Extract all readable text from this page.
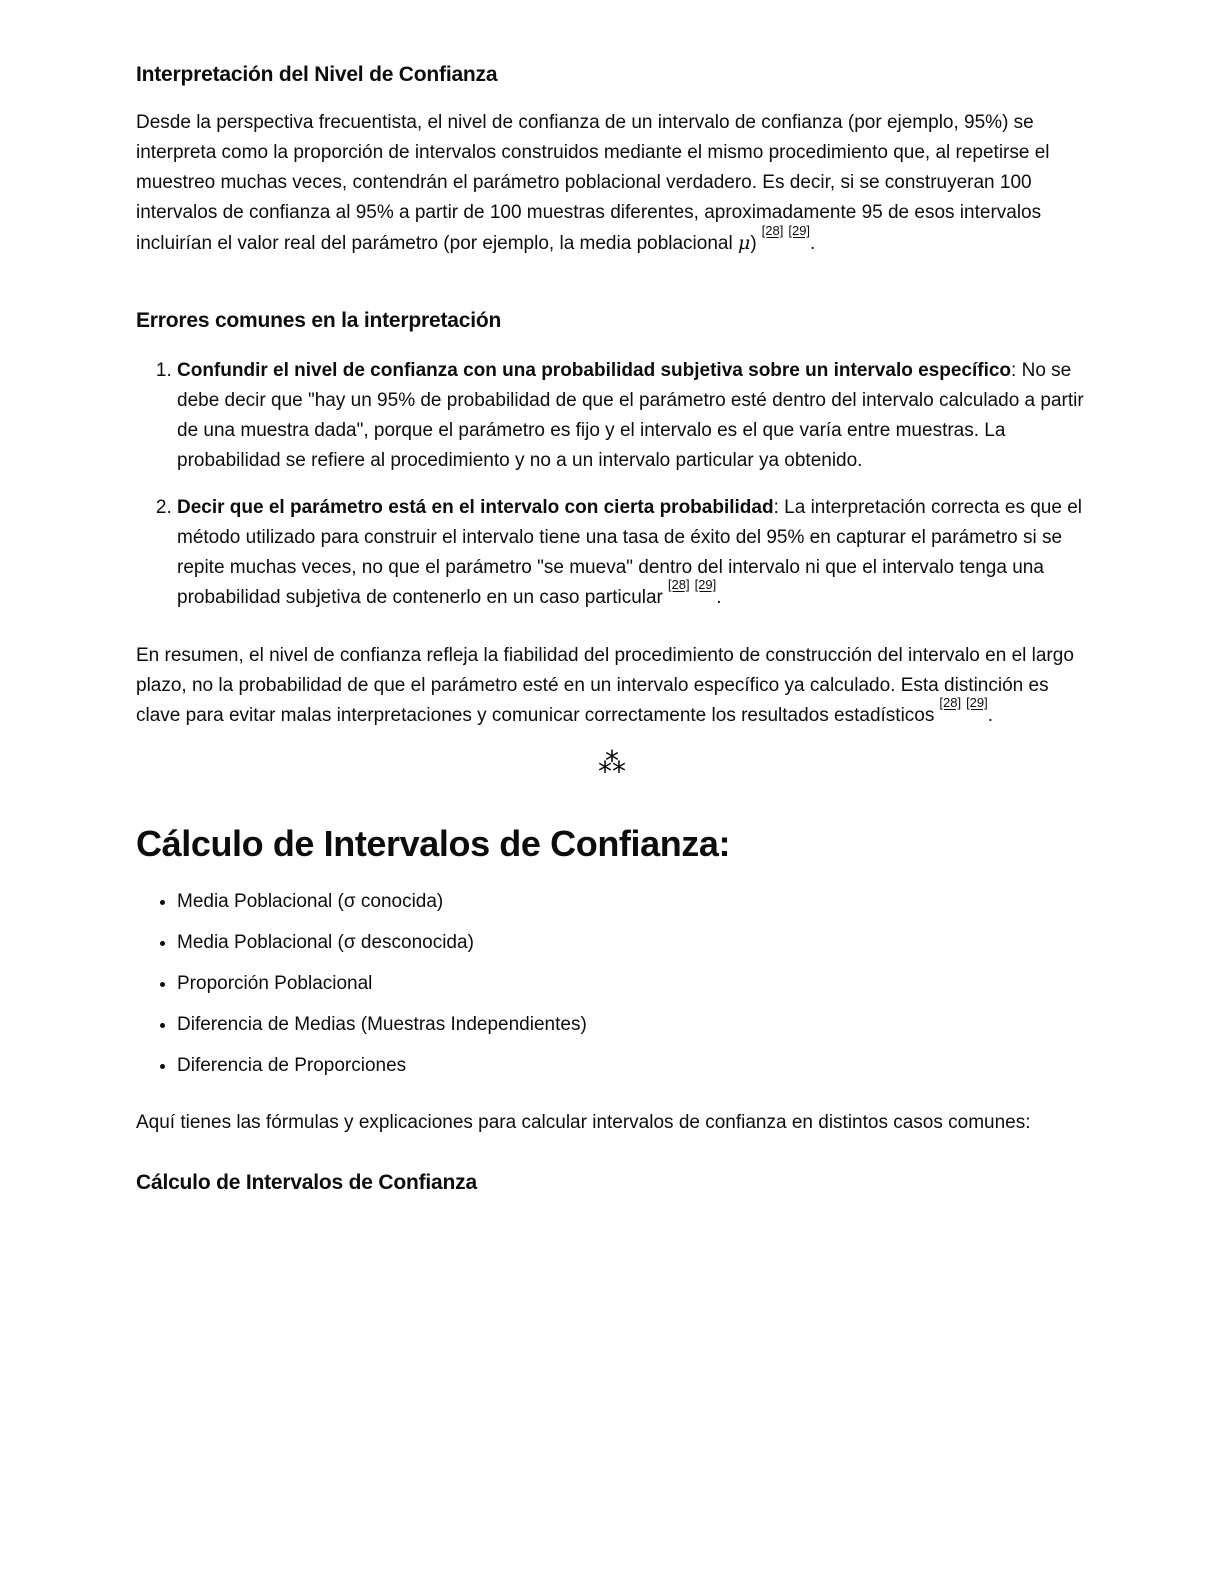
Interpretación del Nivel de Confianza

Desde la perspectiva frecuentista, el nivel de confianza de un intervalo de confianza (por ejemplo, 95%) se interpreta como la proporción de intervalos construidos mediante el mismo procedimiento que, al repetirse el muestreo muchas veces, contendrán el parámetro poblacional verdadero. Es decir, si se construyeran 100 intervalos de confianza al 95% a partir de 100 muestras diferentes, aproximadamente 95 de esos intervalos incluirían el valor real del parámetro (por ejemplo, la media poblacional μ)[28] [29].

Errores comunes en la interpretación
1. Confundir el nivel de confianza con una probabilidad subjetiva sobre un intervalo específico: No se debe decir que "hay un 95% de probabilidad de que el parámetro esté dentro del intervalo calculado a partir de una muestra dada", porque el parámetro es fijo y el intervalo es el que varía entre muestras. La probabilidad se refiere al procedimiento y no a un intervalo particular ya obtenido.
2. Decir que el parámetro está en el intervalo con cierta probabilidad: La interpretación correcta es que el método utilizado para construir el intervalo tiene una tasa de éxito del 95% en capturar el parámetro si se repite muchas veces, no que el parámetro "se mueva" dentro del intervalo ni que el intervalo tenga una probabilidad subjetiva de contenerlo en un caso particular[28] [29].

En resumen, el nivel de confianza refleja la fiabilidad del procedimiento de construcción del intervalo en el largo plazo, no la probabilidad de que el parámetro esté en un intervalo específico ya calculado. Esta distinción es clave para evitar malas interpretaciones y comunicar correctamente los resultados estadísticos[28] [29].

⁂
Cálculo de Intervalos de Confianza:
• Media Poblacional (σ conocida)
• Media Poblacional (σ desconocida)
• Proporción Poblacional
• Diferencia de Medias (Muestras Independientes)
• Diferencia de Proporciones

Aquí tienes las fórmulas y explicaciones para calcular intervalos de confianza en distintos casos comunes:

Cálculo de Intervalos de Confianza
